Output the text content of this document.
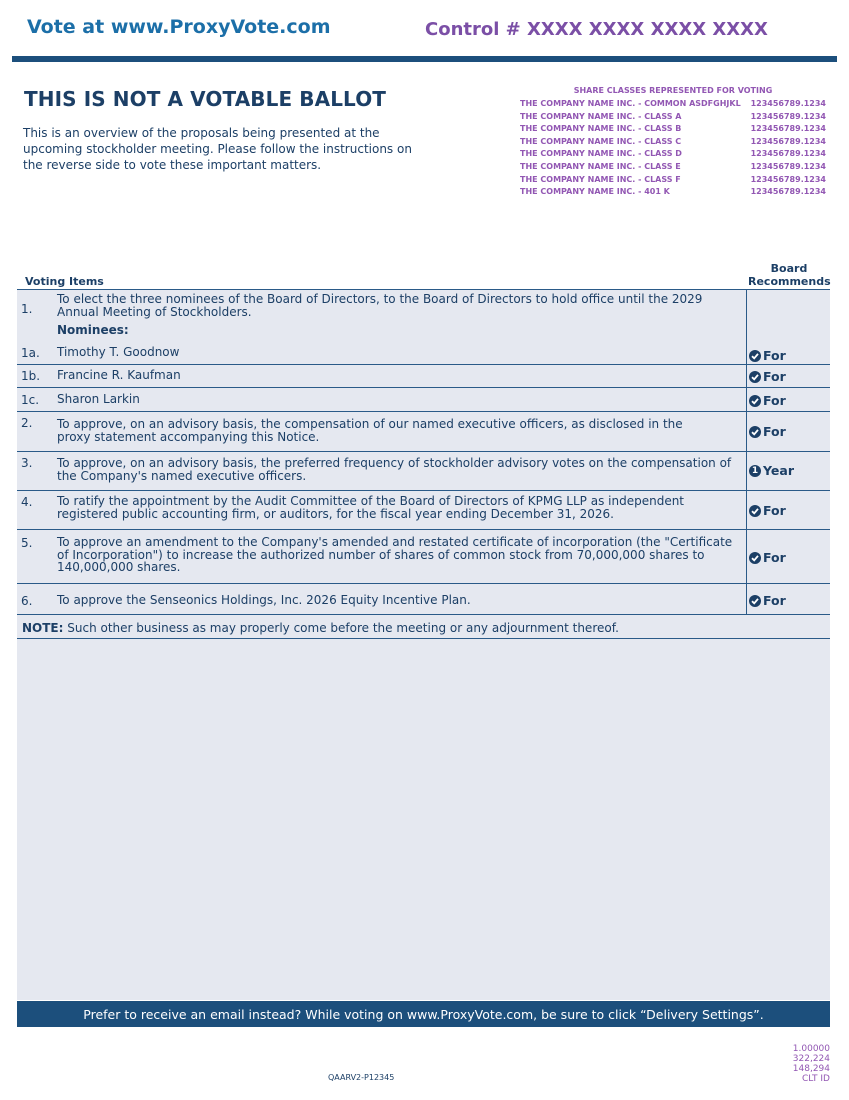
Vote at www.ProxyVote.com	Control # XXXX XXXX XXXX XXXX
THIS IS NOT A VOTABLE BALLOT
This is an overview of the proposals being presented at the upcoming stockholder meeting. Please follow the instructions on the reverse side to vote these important matters.
SHARE CLASSES REPRESENTED FOR VOTING
THE COMPANY NAME INC. - COMMON ASDFGHJKL	123456789.1234
THE COMPANY NAME INC. - CLASS A	123456789.1234
THE COMPANY NAME INC. - CLASS B	123456789.1234
THE COMPANY NAME INC. - CLASS C	123456789.1234
THE COMPANY NAME INC. - CLASS D	123456789.1234
THE COMPANY NAME INC. - CLASS E	123456789.1234
THE COMPANY NAME INC. - CLASS F	123456789.1234
THE COMPANY NAME INC. - 401 K	123456789.1234
Voting Items
Board
Recommends
1.
To elect the three nominees of the Board of Directors, to the Board of Directors to hold office until the 2029 Annual Meeting of Stockholders.
Nominees:
1a. Timothy T. Goodnow	For
1b. Francine R. Kaufman	For
1c. Sharon Larkin	For
2. To approve, on an advisory basis, the compensation of our named executive officers, as disclosed in the proxy statement accompanying this Notice.	For
3. To approve, on an advisory basis, the preferred frequency of stockholder advisory votes on the compensation of the Company's named executive officers.	1 Year
4. To ratify the appointment by the Audit Committee of the Board of Directors of KPMG LLP as independent registered public accounting firm, or auditors, for the fiscal year ending December 31, 2026.	For
5. To approve an amendment to the Company's amended and restated certificate of incorporation (the "Certificate of Incorporation") to increase the authorized number of shares of common stock from 70,000,000 shares to 140,000,000 shares.
For
6. To approve the Senseonics Holdings, Inc. 2026 Equity Incentive Plan.	For
NOTE: Such other business as may properly come before the meeting or any adjournment thereof.
Prefer to receive an email instead? While voting on www.ProxyVote.com, be sure to click “Delivery Settings”.
QAARV2-P12345
1.00000
322,224
148,294
CLT ID
